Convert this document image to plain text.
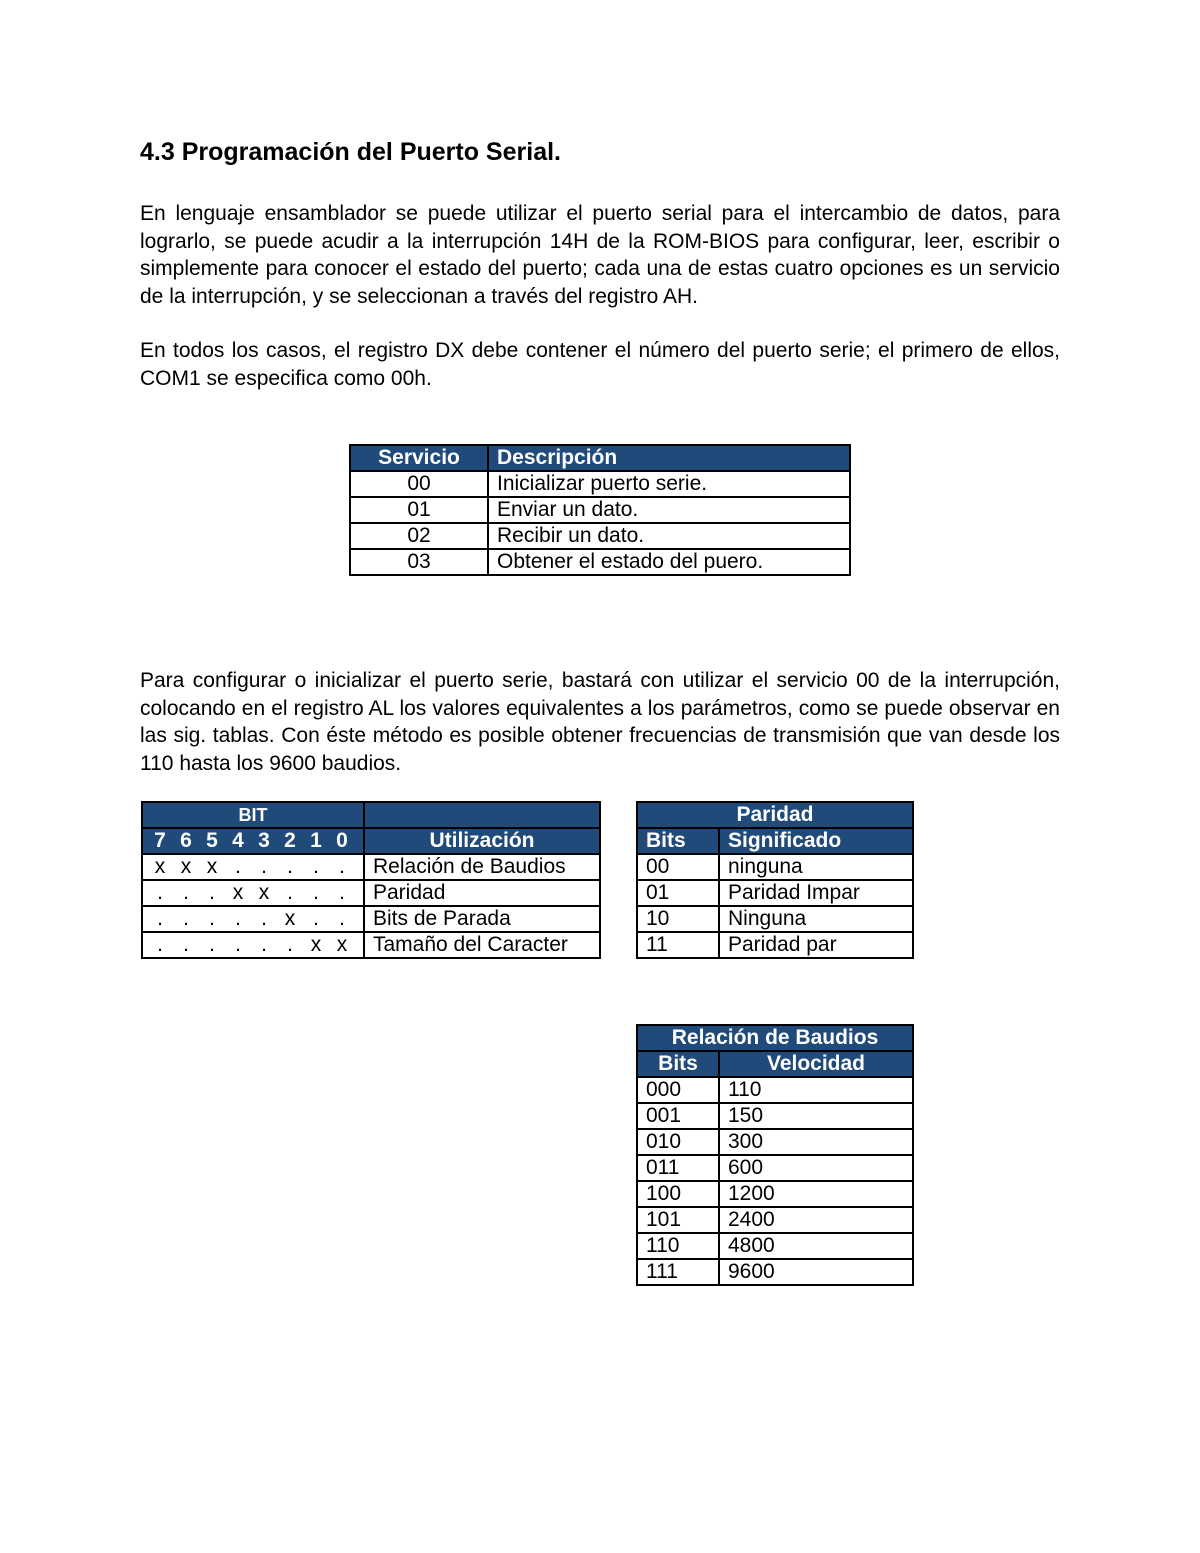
4.3 Programación del Puerto Serial.

En lenguaje ensamblador se puede utilizar el puerto serial para el intercambio de datos, para lograrlo, se puede acudir a la interrupción 14H de la ROM-BIOS para configurar, leer, escribir o simplemente para conocer el estado del puerto; cada una de estas cuatro opciones es un servicio de la interrupción, y se seleccionan a través del registro AH.

En todos los casos, el registro DX debe contener el número del puerto serie; el primero de ellos, COM1 se especifica como 00h.

Servicio	Descripción
00	Inicializar puerto serie.
01	Enviar un dato.
02	Recibir un dato.
03	Obtener el estado del puero.

Para configurar o inicializar el puerto serie, bastará con utilizar el servicio 00 de la interrupción, colocando en el registro AL los valores equivalentes a los parámetros, como se puede observar en las sig. tablas. Con éste método es posible obtener frecuencias de transmisión que van desde los 110 hasta los 9600 baudios.

BIT	
7 6 5 4 3 2 1 0	Utilización
x x x . . . . .	Relación de Baudios
. . . x x . . .	Paridad
. . . . . x . .	Bits de Parada
. . . . . . x x	Tamaño del Caracter
Paridad	
Bits	Significado
00	ninguna
01	Paridad Impar
10	Ninguna
11	Paridad par
Relación de Baudios	
Bits	Velocidad
000	110
001	150
010	300
011	600
100	1200
101	2400
110	4800
111	9600
